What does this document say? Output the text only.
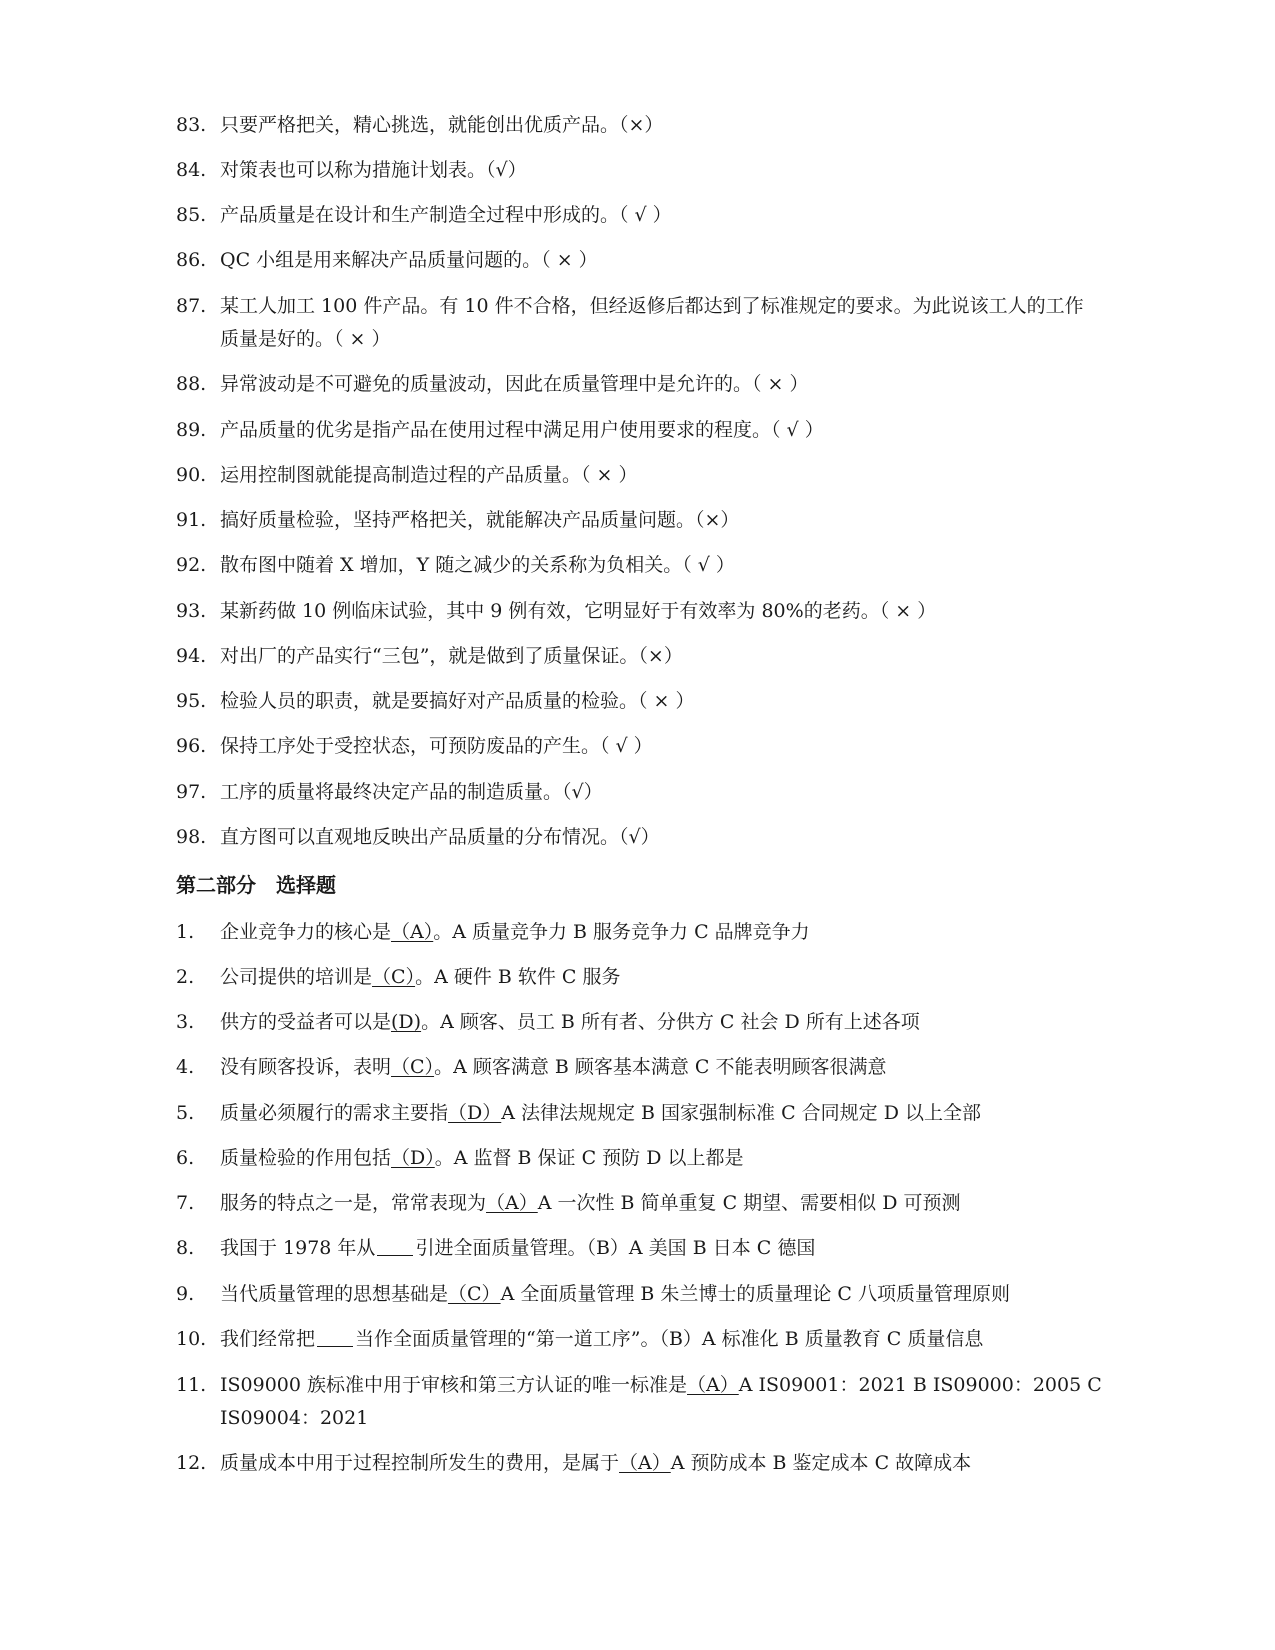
83. 只要严格把关，精心挑选，就能创出优质产品。（×）
84. 对策表也可以称为措施计划表。（√）
85. 产品质量是在设计和生产制造全过程中形成的。（ √ ）
86. QC 小组是用来解决产品质量问题的。（ × ）
87. 某工人加工 100 件产品。有 10 件不合格，但经返修后都达到了标准规定的要求。为此说该工人的工作
质量是好的。（ × ）
88. 异常波动是不可避免的质量波动，因此在质量管理中是允许的。（ × ）
89. 产品质量的优劣是指产品在使用过程中满足用户使用要求的程度。（ √ ）
90. 运用控制图就能提高制造过程的产品质量。（ × ）
91. 搞好质量检验，坚持严格把关，就能解决产品质量问题。（×）
92. 散布图中随着 X 增加，Y 随之减少的关系称为负相关。（ √ ）
93. 某新药做 10 例临床试验，其中 9 例有效，它明显好于有效率为 80%的老药。（ × ）
94. 对出厂的产品实行“三包”，就是做到了质量保证。（×）
95. 检验人员的职责，就是要搞好对产品质量的检验。（ × ）
96. 保持工序处于受控状态，可预防废品的产生。（ √ ）
97. 工序的质量将最终决定产品的制造质量。（√）
98. 直方图可以直观地反映出产品质量的分布情况。（√）
第二部分　选择题
1.	企业竞争力的核心是（A）。A 质量竞争力 B 服务竞争力 C 品牌竞争力
2.	公司提供的培训是（C）。A 硬件 B 软件 C 服务
3.	供方的受益者可以是(D)。A 顾客、员工 B 所有者、分供方 C 社会 D 所有上述各项
4.	没有顾客投诉，表明（C）。A 顾客满意 B 顾客基本满意 C 不能表明顾客很满意
5.	质量必须履行的需求主要指（D）A 法律法规规定 B 国家强制标准 C 合同规定 D 以上全部
6.	质量检验的作用包括（D）。A 监督 B 保证 C 预防 D 以上都是
7.	服务的特点之一是，常常表现为（A）A 一次性 B 简单重复 C 期望、需要相似 D 可预测
8.	我国于 1978 年从 引进全面质量管理。（B）A 美国 B 日本 C 德国
9.	当代质量管理的思想基础是（C）A 全面质量管理 B 朱兰博士的质量理论 C 八项质量管理原则
10. 我们经常把 当作全面质量管理的“第一道工序”。（B）A 标准化 B 质量教育 C 质量信息
11. IS09000 族标准中用于审核和第三方认证的唯一标准是（A）A IS09001：2021 B IS09000：2005 C
IS09004：2021
12. 质量成本中用于过程控制所发生的费用，是属于（A）A 预防成本 B 鉴定成本 C 故障成本
